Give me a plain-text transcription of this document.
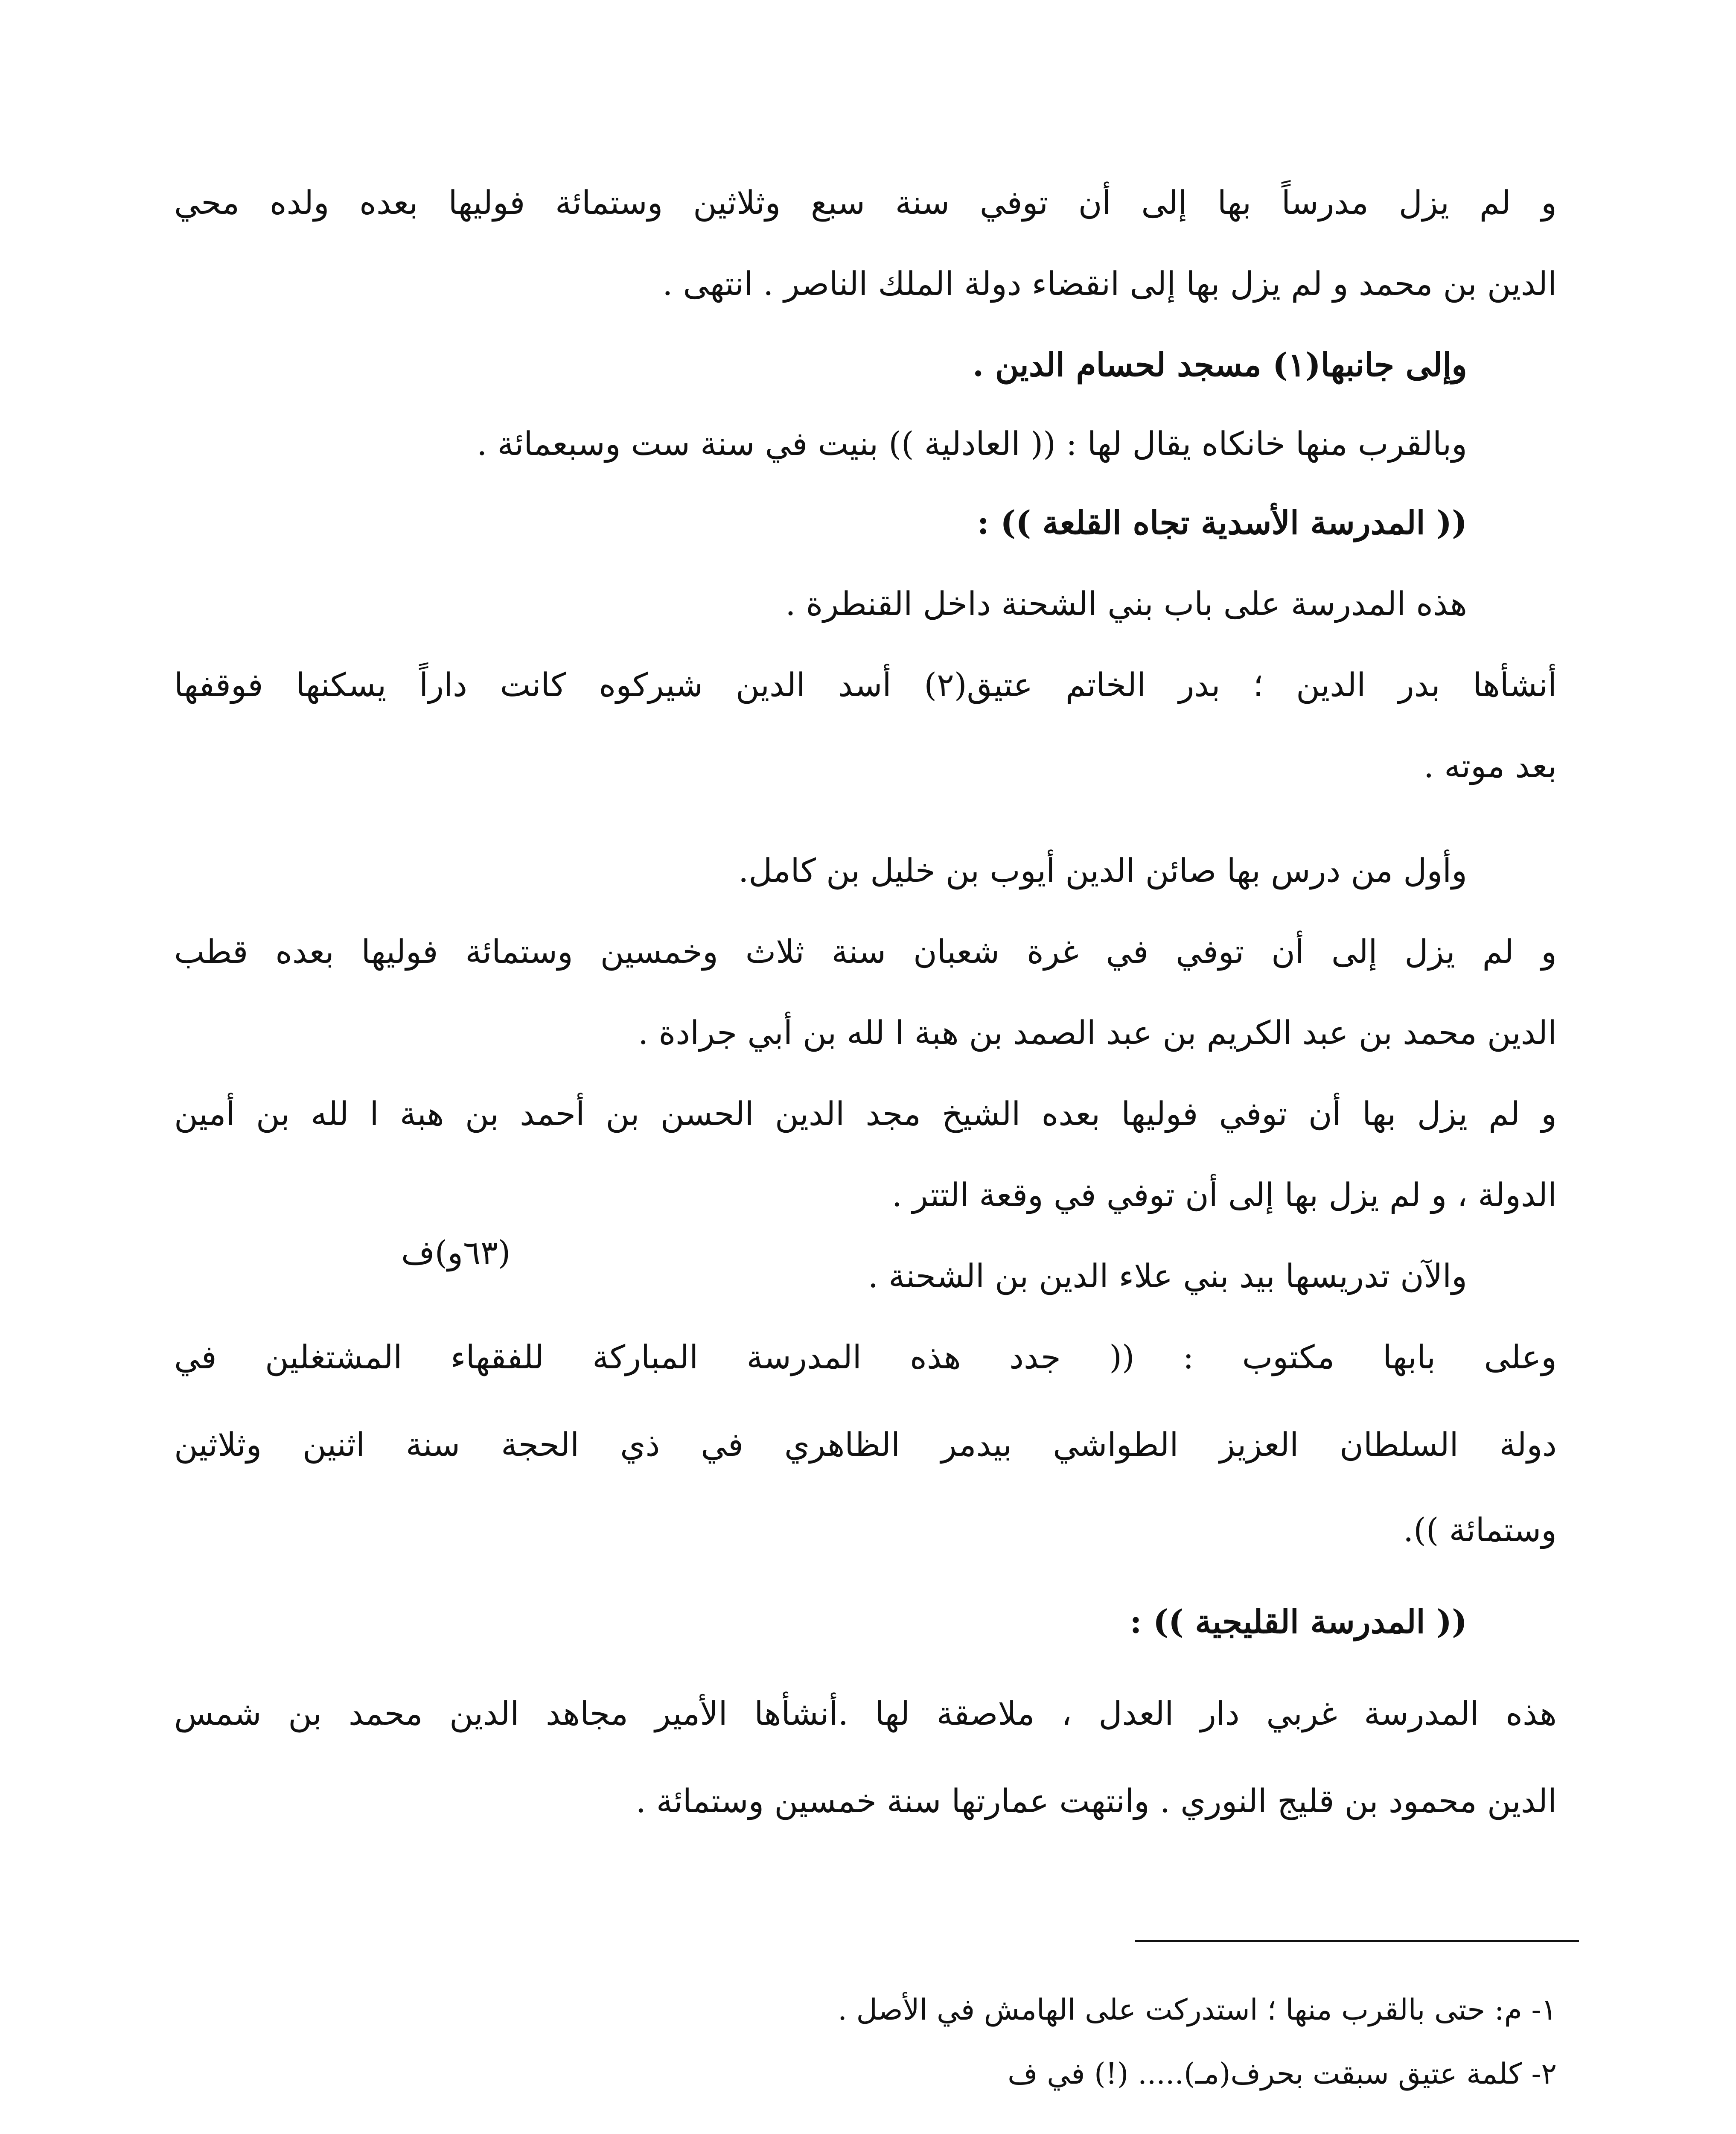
و لم يزل مدرساً بها إلى أن توفي سنة سبع وثلاثين وستمائة فوليها بعده ولده محي
الدين بن محمد و لم يزل بها إلى انقضاء دولة الملك الناصر . انتهى .
وإلى جانبها(١) مسجد لحسام الدين .
وبالقرب منها خانكاه يقال لها : (( العادلية )) بنيت في سنة ست وسبعمائة .
(( المدرسة الأسدية تجاه القلعة )) :
هذه المدرسة على باب بني الشحنة داخل القنطرة .
أنشأها بدر الدين ؛ بدر الخاتم عتيق(٢) أسد الدين شيركوه كانت داراً يسكنها فوقفها
بعد موته .
وأول من درس بها صائن الدين أيوب بن خليل بن كامل.
و لم يزل إلى أن توفي في غرة شعبان سنة ثلاث وخمسين وستمائة فوليها بعده قطب
الدين محمد بن عبد الكريم بن عبد الصمد بن هبة ا لله بن أبي جرادة .
و لم يزل بها أن توفي فوليها بعده الشيخ مجد الدين الحسن بن أحمد بن هبة ا لله بن أمين
الدولة ، و لم يزل بها إلى أن توفي في وقعة التتر .
والآن تدريسها بيد بني علاء الدين بن الشحنة .
وعلى بابها مكتوب : (( جدد هذه المدرسة المباركة للفقهاء المشتغلين في
دولة السلطان العزيز الطواشي بيدمر الظاهري في ذي الحجة سنة اثنين وثلاثين
وستمائة )).
(( المدرسة القليجية )) :
هذه المدرسة غربي دار العدل ، ملاصقة لها .أنشأها الأمير مجاهد الدين محمد بن شمس
الدين محمود بن قليج النوري . وانتهت عمارتها سنة خمسين وستمائة .
(٦٣و)ف
١- م: حتى بالقرب منها ؛ استدركت على الهامش في الأصل .
٢- كلمة عتيق سبقت بحرف(مـ)..... (!) في ف
